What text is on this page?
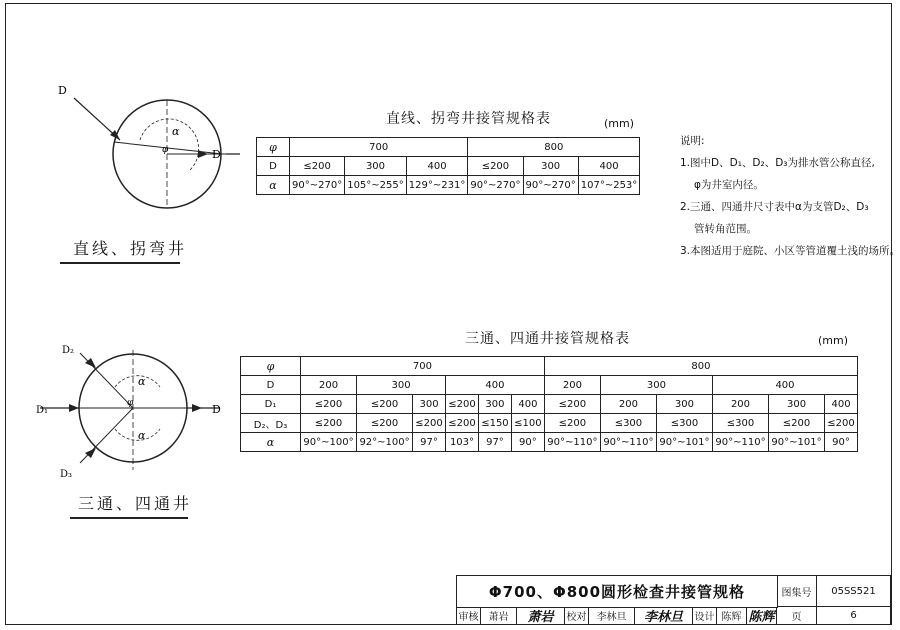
D
D
α
φ
直线、拐弯井
直线、拐弯井接管规格表	(mm)
φ	700			800		
D	≤200	300	400	≤200	300	400
α	90°~270°	105°~255°	129°~231°	90°~270°	90°~270°	107°~253°
说明:
1.图中D、D₁、D₂、D₃为排水管公称直径,
φ为井室内径。
2.三通、四通井尺寸表中α为支管D₂、D₃
管转角范围。
3.本图适用于庭院、小区等管道覆土浅的场所。
D₂
D₁
D₃
D
α
α
φ
三通、四通井
三通、四通井接管规格表	(mm)
φ	700						800					
D	200	300		400			200	300		400		
D₁	≤200	≤200	300	≤200	300	400	≤200	200	300	200	300	400
D₂、D₃	≤200	≤200	≤200	≤200	≤150	≤100	≤200	≤300	≤300	≤300	≤200	≤200
α	90°~100°	92°~100°	97°	103°	97°	90°	90°~110°	90°~110°	90°~101°	90°~110°	90°~101°	90°
Φ700、Φ800圆形检查井接管规格	图集号	05SS521
审核	萧岩	萧岩	校对	李林旦	李林旦	设计 陈辉 陈辉	页	6
